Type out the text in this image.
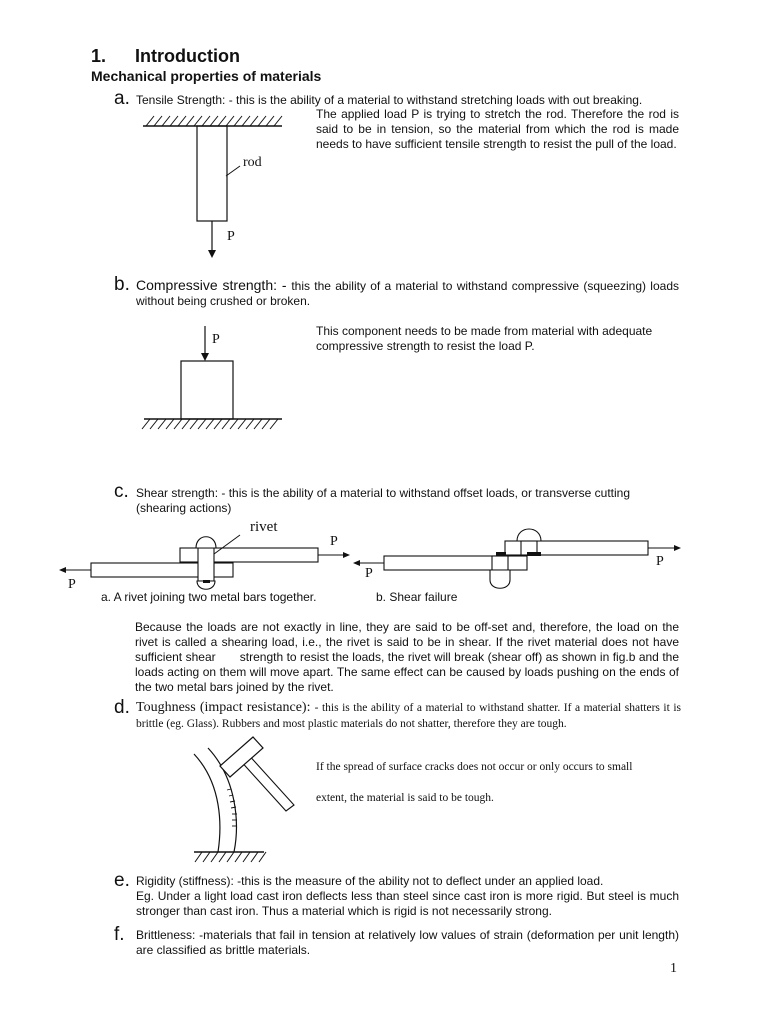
1. Introduction
Mechanical properties of materials
a. Tensile Strength: - this is the ability of a material to withstand stretching loads with out breaking.
The applied load P is trying to stretch the rod. Therefore the rod is said to be in tension, so the material from which the rod is made needs to have sufficient tensile strength to resist the pull of the load.
rod
P
b. Compressive strength: - this the ability of a material to withstand compressive (squeezing) loads without being crushed or broken.
This component needs to be made from material with adequate compressive strength to resist the load P.
P
c. Shear strength: - this is the ability of a material to withstand offset loads, or transverse cutting (shearing actions)
rivet
P
P
P
P
a. A rivet joining two metal bars together.	b. Shear failure
Because the loads are not exactly in line, they are said to be off-set and, therefore, the load on the rivet is called a shearing load, i.e., the rivet is said to be in shear. If the rivet material does not have sufficient shear       strength to resist the loads, the rivet will break (shear off) as shown in fig.b and the loads acting on them will move apart. The same effect can be caused by loads pushing on the ends of the two metal bars joined by the rivet.
d. Toughness (impact resistance): - this is the ability of a material to withstand shatter. If a material shatters it is brittle (eg. Glass). Rubbers and most plastic materials do not shatter, therefore they are tough.
If the spread of surface cracks does not occur or only occurs to small
extent, the material is said to be tough.
e. Rigidity (stiffness): -this is the measure of the ability not to deflect under an applied load.
Eg. Under a light load cast iron deflects less than steel since cast iron is more rigid. But steel is much stronger than cast iron. Thus a material which is rigid is not necessarily strong.
f. Brittleness: -materials that fail in tension at relatively low values of strain (deformation per unit length) are classified as brittle materials.
1
